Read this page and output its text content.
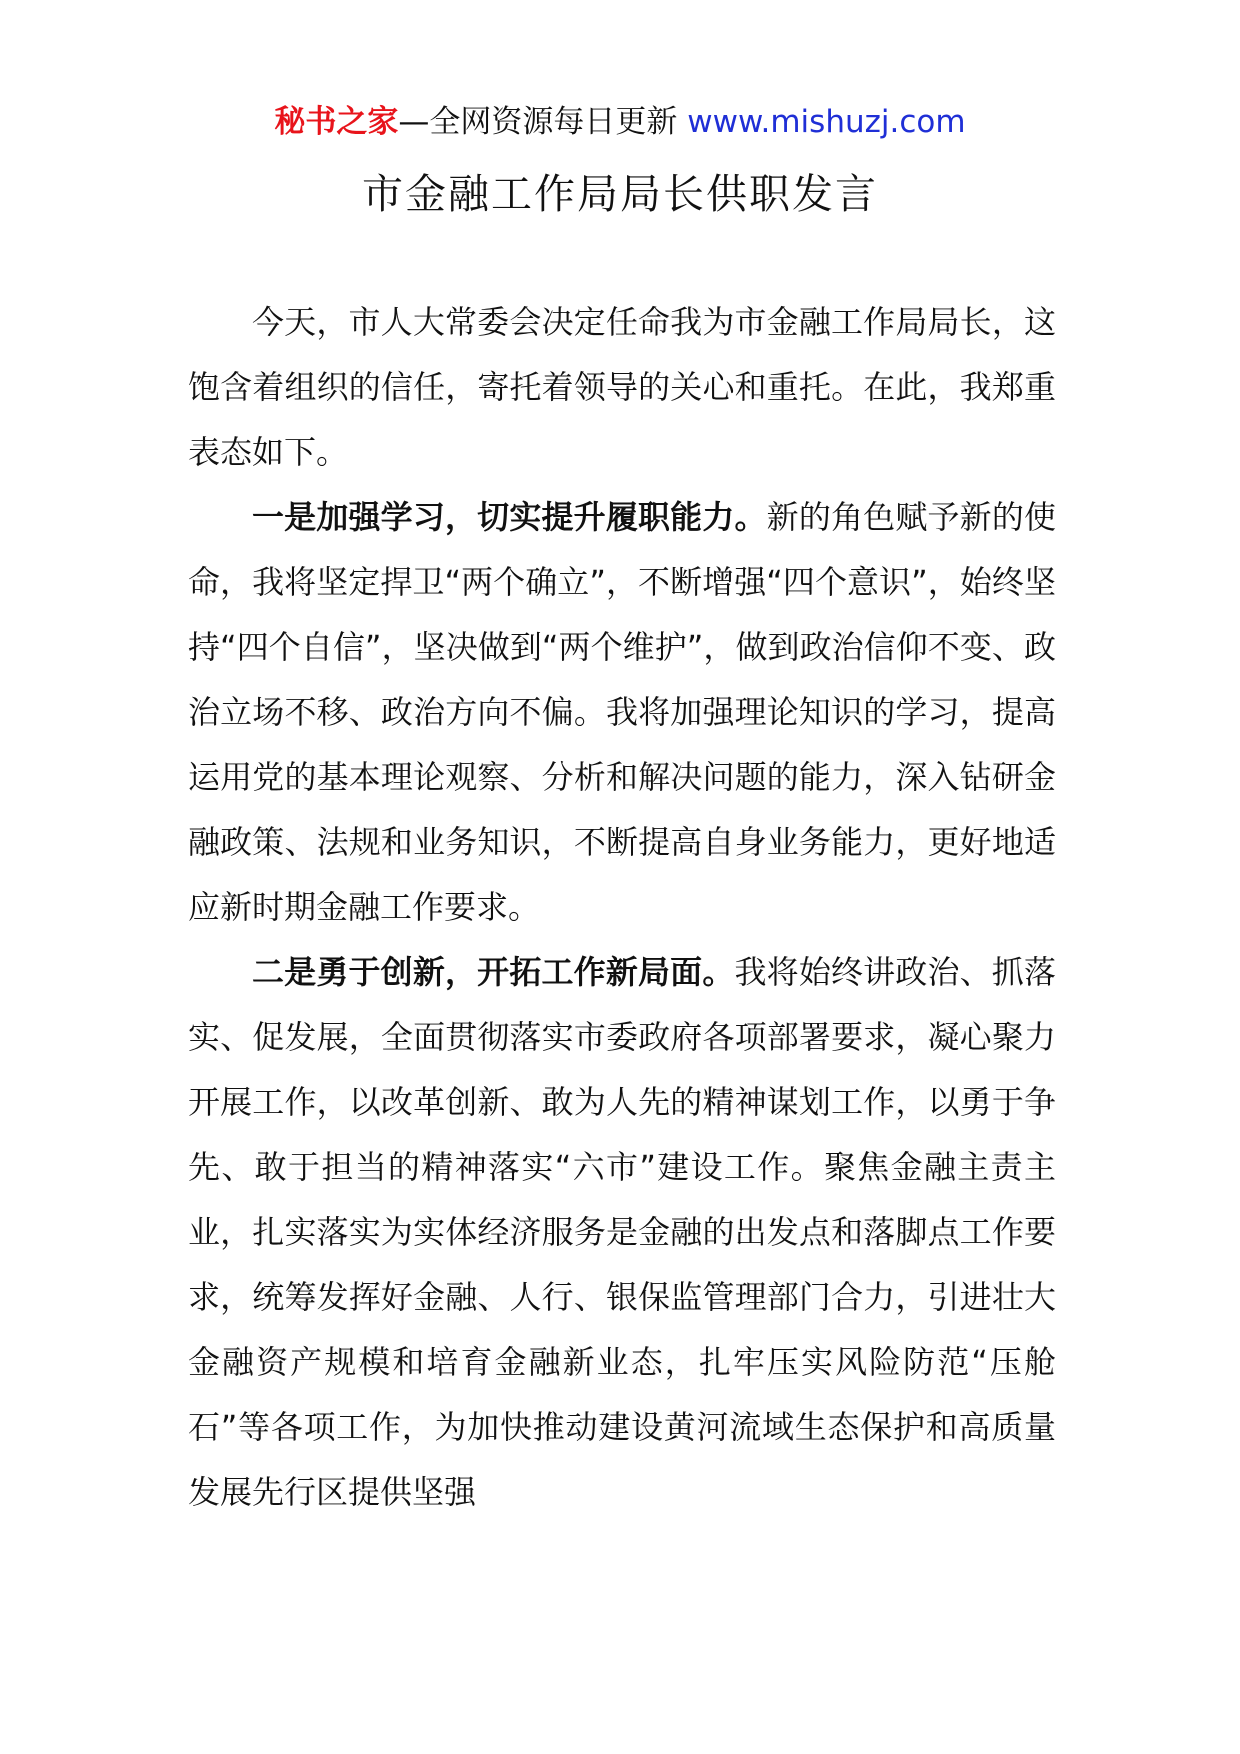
秘书之家—全网资源每日更新 www.mishuzj.com
市金融工作局局长供职发言

今天，市人大常委会决定任命我为市金融工作局局长，这饱含着组织的信任，寄托着领导的关心和重托。在此，我郑重表态如下。

一是加强学习，切实提升履职能力。新的角色赋予新的使命，我将坚定捍卫“两个确立”，不断增强“四个意识”，始终坚持“四个自信”，坚决做到“两个维护”，做到政治信仰不变、政治立场不移、政治方向不偏。我将加强理论知识的学习，提高运用党的基本理论观察、分析和解决问题的能力，深入钻研金融政策、法规和业务知识，不断提高自身业务能力，更好地适应新时期金融工作要求。

二是勇于创新，开拓工作新局面。我将始终讲政治、抓落实、促发展，全面贯彻落实市委政府各项部署要求，凝心聚力开展工作，以改革创新、敢为人先的精神谋划工作，以勇于争先、敢于担当的精神落实“六市”建设工作。聚焦金融主责主业，扎实落实为实体经济服务是金融的出发点和落脚点工作要求，统筹发挥好金融、人行、银保监管理部门合力，引进壮大金融资产规模和培育金融新业态，扎牢压实风险防范“压舱石”等各项工作，为加快推动建设黄河流域生态保护和高质量发展先行区提供坚强
